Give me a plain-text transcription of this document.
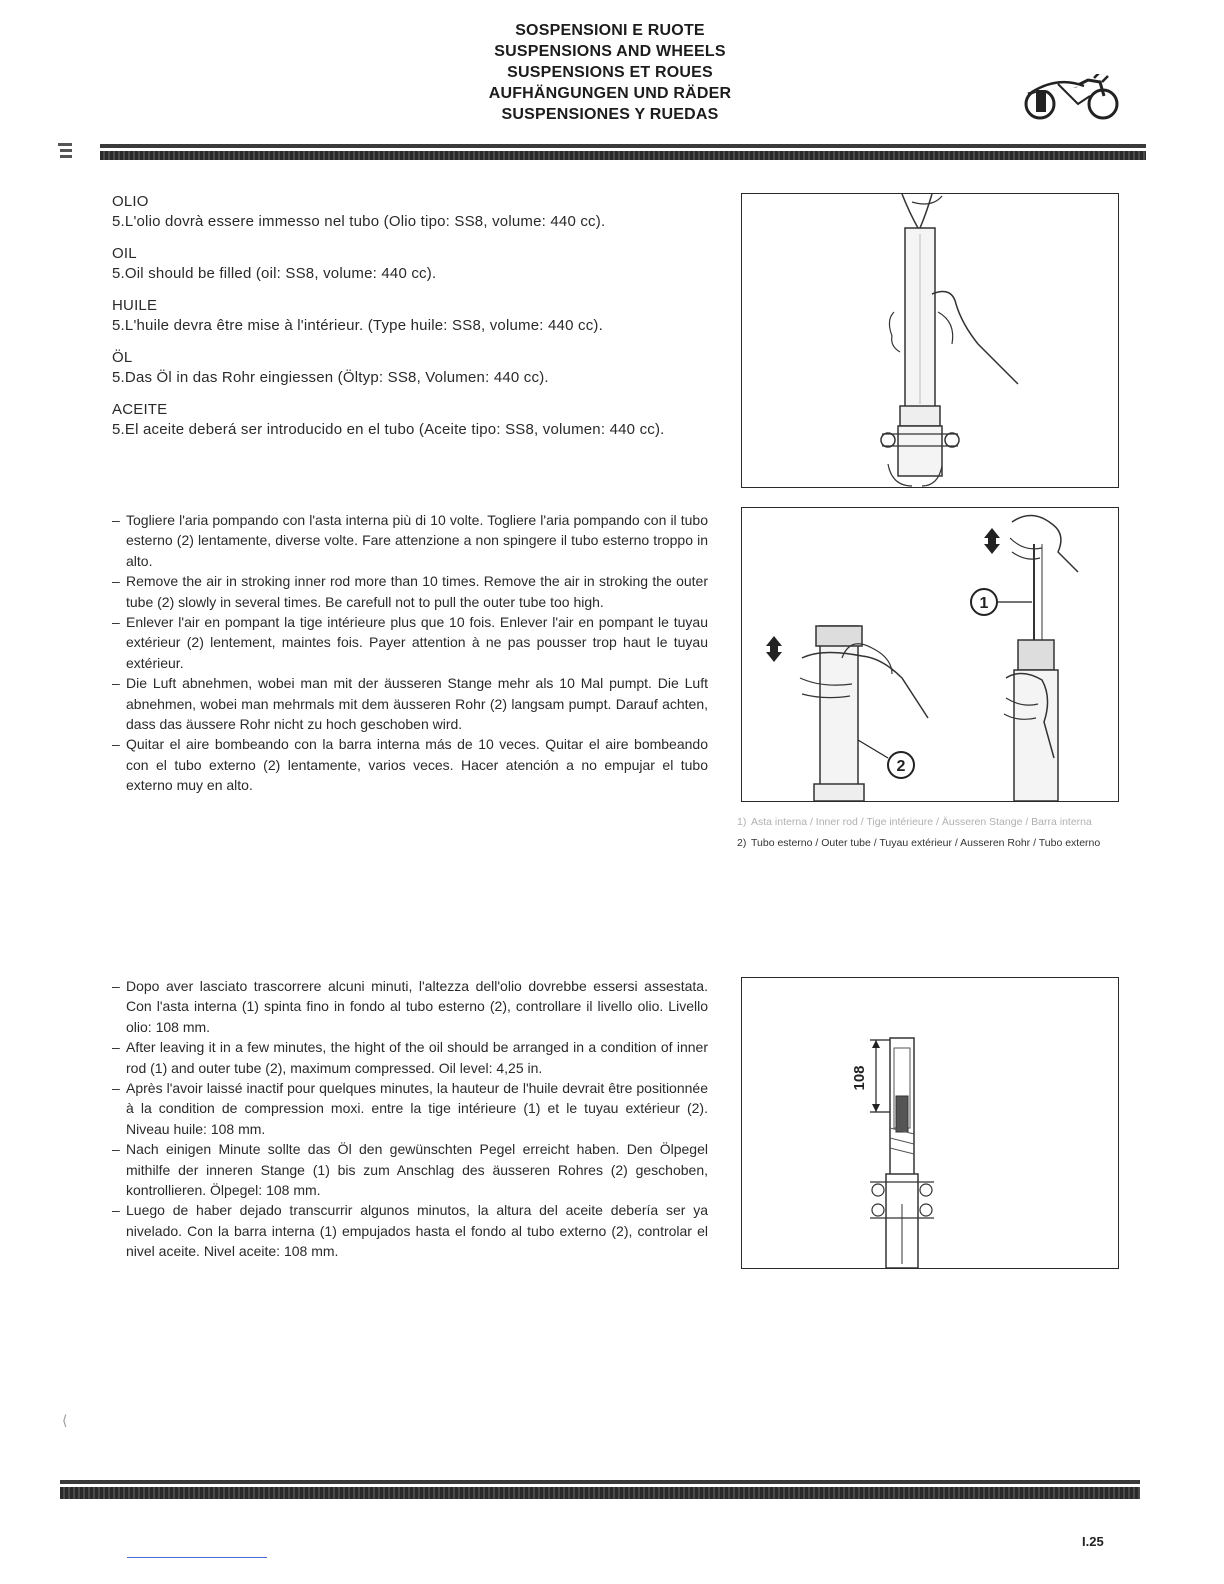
SOSPENSIONI E RUOTE
SUSPENSIONS AND WHEELS
SUSPENSIONS ET ROUES
AUFHÄNGUNGEN UND RÄDER
SUSPENSIONES Y RUEDAS
OLIO
5.L'olio dovrà essere immesso nel tubo (Olio tipo: SS8, volume: 440 cc).
OIL
5.Oil should be filled (oil: SS8, volume: 440 cc).
HUILE
5.L'huile devra être mise à l'intérieur. (Type huile: SS8, volume: 440 cc).
ÖL
5.Das Öl in das Rohr eingiessen (Öltyp: SS8, Volumen: 440 cc).
ACEITE
5.El aceite deberá ser introducido en el tubo (Aceite tipo: SS8, volumen: 440 cc).
– Togliere l'aria pompando con l'asta interna più di 10 volte. Togliere l'aria pompando con il tubo esterno (2) lentamente, diverse volte. Fare attenzione a non spingere il tubo esterno troppo in alto.
– Remove the air in stroking inner rod more than 10 times. Remove the air in stroking the outer tube (2) slowly in several times. Be carefull not to pull the outer tube too high.
– Enlever l'air en pompant la tige intérieure plus que 10 fois. Enlever l'air en pompant le tuyau extérieur (2) lentement, maintes fois. Payer attention à ne pas pousser trop haut le tuyau extérieur.
– Die Luft abnehmen, wobei man mit der äusseren Stange mehr als 10 Mal pumpt. Die Luft abnehmen, wobei man mehrmals mit dem äusseren Rohr (2) langsam pumpt. Darauf achten, dass das äussere Rohr nicht zu hoch geschoben wird.
– Quitar el aire bombeando con la barra interna más de 10 veces. Quitar el aire bombeando con el tubo externo (2) lentamente, varios veces. Hacer atención a no empujar el tubo externo muy en alto.
2
1
1) Asta interna / Inner rod / Tige intérieure / Äusseren Stange / Barra interna
2) Tubo esterno / Outer tube / Tuyau extérieur / Ausseren Rohr / Tubo externo
– Dopo aver lasciato trascorrere alcuni minuti, l'altezza dell'olio dovrebbe essersi assestata. Con l'asta interna (1) spinta fino in fondo al tubo esterno (2), controllare il livello olio. Livello olio: 108 mm.
– After leaving it in a few minutes, the hight of the oil should be arranged in a condition of inner rod (1) and outer tube (2), maximum compressed. Oil level: 4,25 in.
– Après l'avoir laissé inactif pour quelques minutes, la hauteur de l'huile devrait être positionnée à la condition de compression moxi. entre la tige intérieure (1) et le tuyau extérieur (2). Niveau huile: 108 mm.
– Nach einigen Minute sollte das Öl den gewünschten Pegel erreicht haben. Den Ölpegel mithilfe der inneren Stange (1) bis zum Anschlag des äusseren Rohres (2) geschoben, kontrollieren. Ölpegel: 108 mm.
– Luego de haber dejado transcurrir algunos minutos, la altura del aceite debería ser ya nivelado. Con la barra interna (1) empujados hasta el fondo al tubo externo (2), controlar el nivel aceite. Nivel aceite: 108 mm.
108
⟨
I.25
